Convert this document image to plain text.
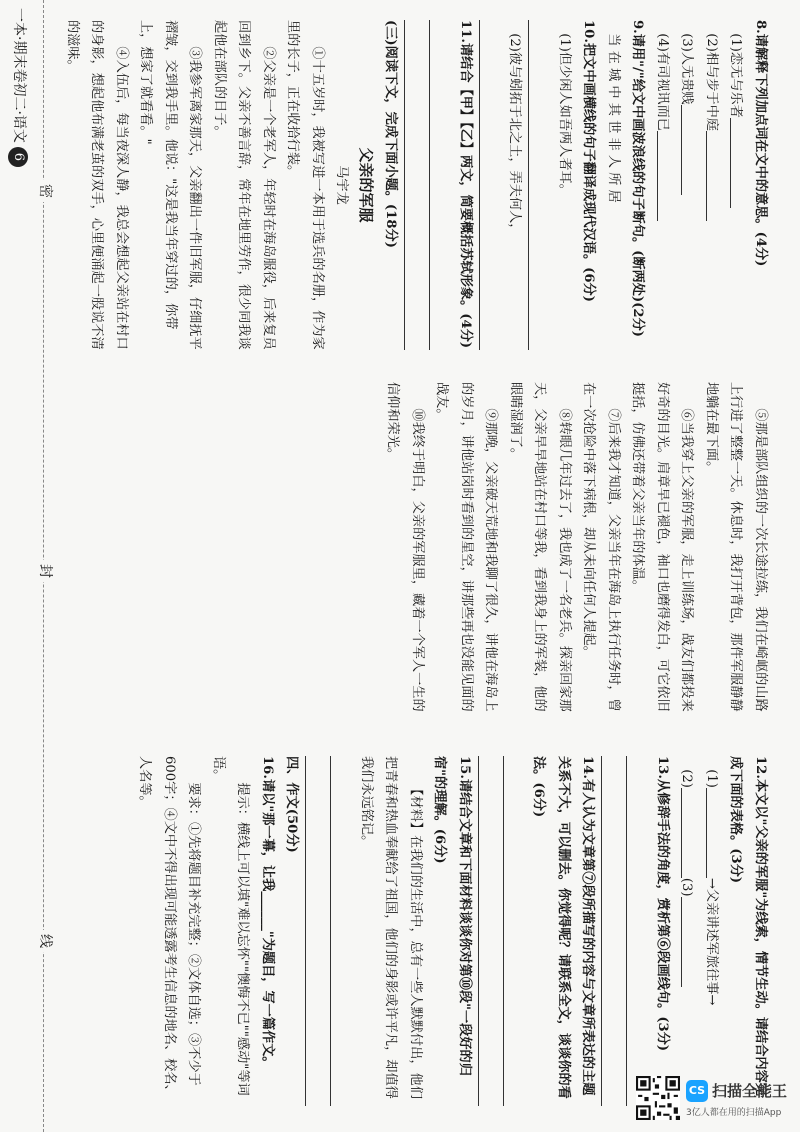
8.请解释下列加点词在文中的意思。(4分)

(1)恋无与乐者

(2)相与步于中庭

(3)人无贵贱

(4)有司视讯而已

9.请用"/"给文中画波浪线的句子断句。(断两处)(2分)

当 在 城 中 其 世 非 人 所 居

10.把文中画横线的句子翻译成现代汉语。(6分)

(1)但少闲人如吾两人者耳。

(2)彼与蚓拓于北之土，弄夫何人，

11.请结合【甲】【乙】两文，简要概括苏轼形象。(4分)

(三)阅读下文，完成下面小题。(18分)

父亲的军服

马宇龙

①十五岁时，我被写进一本用于选兵的名册，作为家里的长子，正在收拾行装。

②父亲是一个老军人，年轻时在海岛服役，后来复员回到乡下。父亲不善言辞，常年在地里劳作，很少同我谈起他在部队的日子。

③我参军离家那天，父亲翻出一件旧军服，仔细抚平褶皱，交到我手里。他说："这是我当年穿过的，你带上，想家了就看看。"

④入伍后，每当夜深人静，我总会想起父亲站在村口的身影，想起他布满老茧的双手，心里便涌起一股说不清的滋味。

⑤那是部队组织的一次长途拉练，我们在崎岖的山路上行进了整整一天。休息时，我打开背包，那件军服静静地躺在最下面。

⑥当我穿上父亲的军服，走上训练场，战友们都投来好奇的目光。肩章早已褪色，袖口也磨得发白，可它依旧挺括，仿佛还带着父亲当年的体温。

⑦后来我才知道，父亲当年在海岛上执行任务时，曾在一次抢险中落下病根，却从未向任何人提起。

⑧转眼几年过去了，我也成了一名老兵。探亲回家那天，父亲早早地站在村口等我，看到我身上的军装，他的眼睛湿润了。

⑨那晚，父亲破天荒地和我聊了很久，讲他在海岛上的岁月，讲他站岗时看到的星空，讲那些再也没能见面的战友。

⑩我终于明白，父亲的军服里，藏着一个军人一生的信仰和荣光。

12.本文以"父亲的军服"为线索，情节生动。请结合内容完成下面的表格。(3分)

(1)→父亲讲述军旅往事→

(2)(3)

13.从修辞手法的角度，赏析第⑥段画线句。(3分)

14.有人认为文章第⑦段所描写的内容与文章所表达的主题关系不大，可以删去。你觉得呢？请联系全文，谈谈你的看法。(6分)

15.请结合文章和下面材料谈谈你对第⑩段"一段好的归宿"的理解。(6分)

【材料】在我们的生活中，总有一些人默默付出，他们把青春和热血奉献给了祖国，他们的身影或许平凡，却值得我们永远铭记。

四、作文(50分)

16.请以"那一幕，让我______"为题目，写一篇作文。

提示：横线上可以填"难以忘怀""懊悔不已""感动"等词语。

要求：①先将题目补充完整；②文体自选；③不少于600字；④文中不得出现可能透露考生信息的地名、校名、人名等。

线
封
密
一本·期末卷初二·语文6
CS 扫描全能王
3亿人都在用的扫描App
